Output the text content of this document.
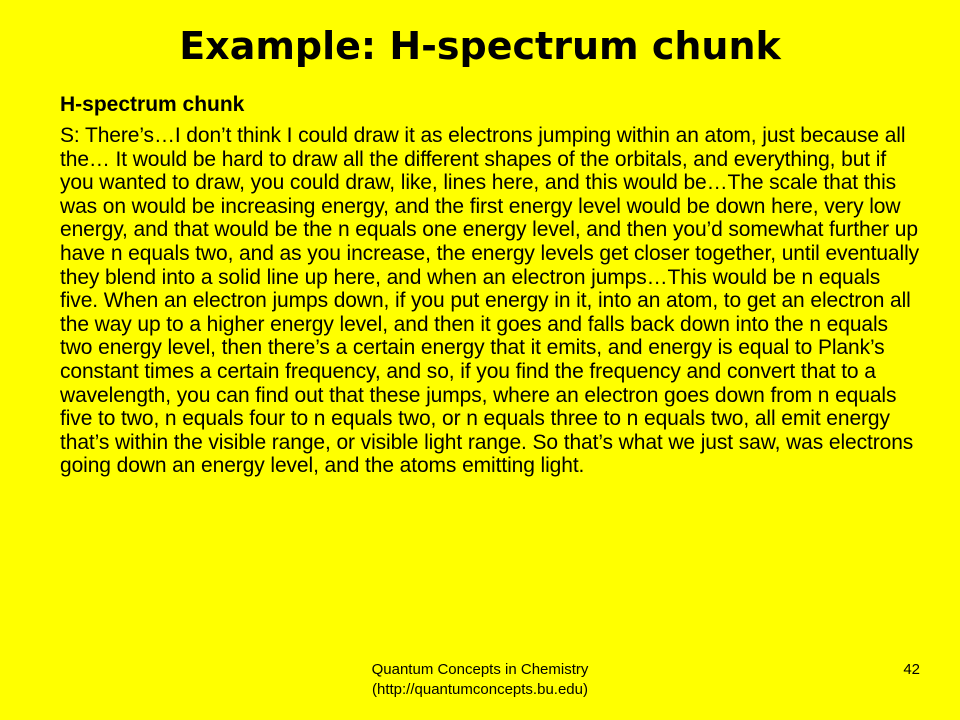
Example: H-spectrum chunk

H-spectrum chunk

S: There’s…I don’t think I could draw it as electrons jumping within an atom, just because all the… It would be hard to draw all the different shapes of the orbitals, and everything, but if you wanted to draw, you could draw, like, lines here, and this would be…The scale that this was on would be increasing energy, and the first energy level would be down here, very low energy, and that would be the n equals one energy level, and then you’d somewhat further up have n equals two, and as you increase, the energy levels get closer together, until eventually they blend into a solid line up here, and when an electron jumps…This would be n equals five. When an electron jumps down, if you put energy in it, into an atom, to get an electron all the way up to a higher energy level, and then it goes and falls back down into the n equals two energy level, then there’s a certain energy that it emits, and energy is equal to Plank’s constant times a certain frequency, and so, if you find the frequency and convert that to a wavelength, you can find out that these jumps, where an electron goes down from n equals five to two, n equals four to n equals two, or n equals three to n equals two, all emit energy that’s within the visible range, or visible light range. So that’s what we just saw, was electrons going down an energy level, and the atoms emitting light.

Quantum Concepts in Chemistry
(http://quantumconcepts.bu.edu)
42
